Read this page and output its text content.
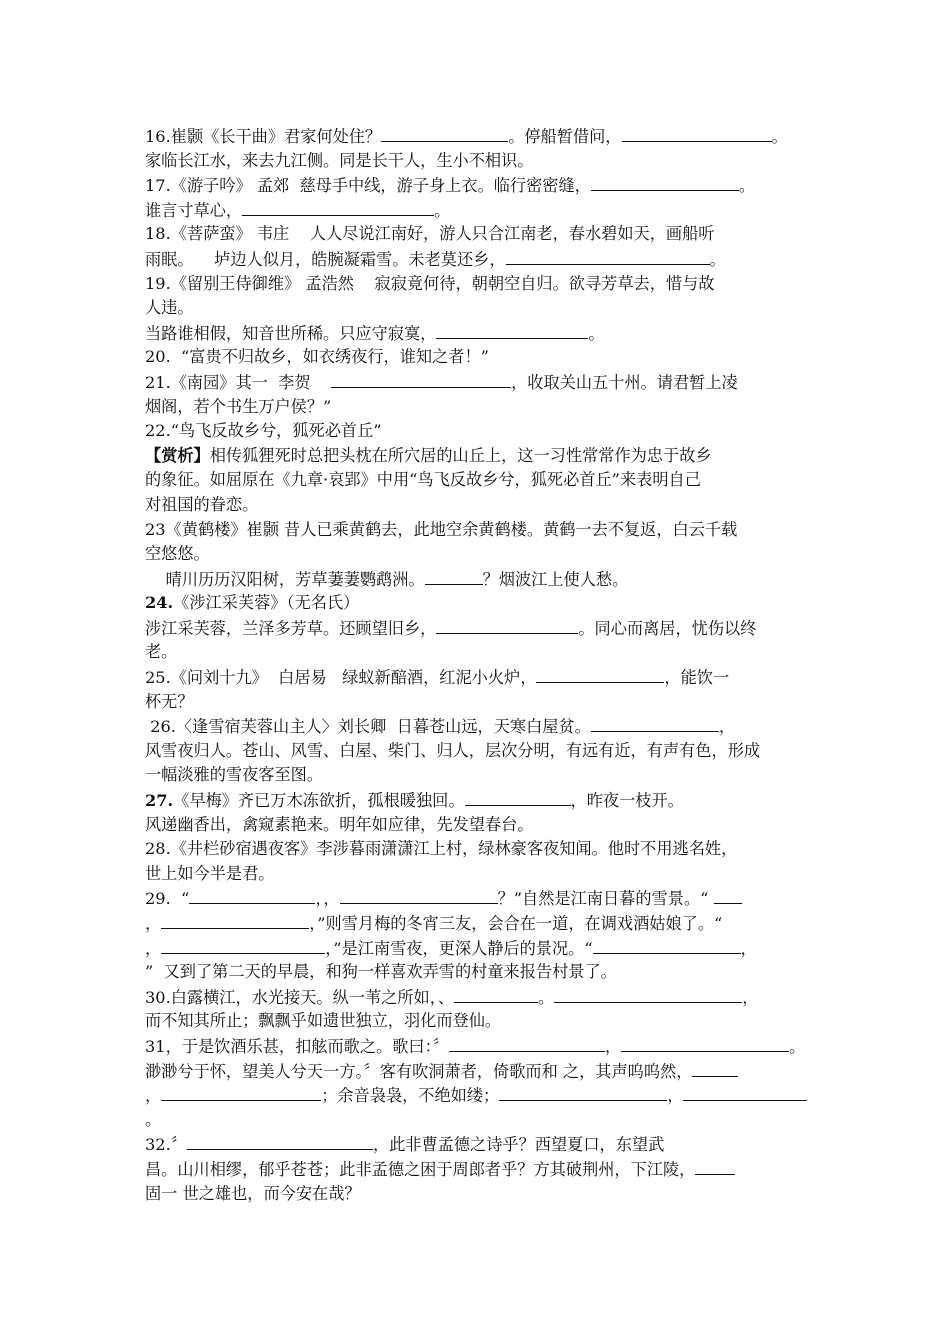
16.崔颢《长干曲》君家何处住？	。停船暂借问，	。
家临长江水，来去九江侧。同是长干人，生小不相识。
17.《游子吟》 孟郊  慈母手中线，游子身上衣。临行密密缝，	。
谁言寸草心，	。
18.《菩萨蛮》 韦庄    人人尽说江南好，游人只合江南老，春水碧如天，画船听
雨眠。    垆边人似月，皓腕凝霜雪。未老莫还乡，	。
19.《留别王侍御维》 孟浩然    寂寂竟何待，朝朝空自归。欲寻芳草去，惜与故
人违。
当路谁相假，知音世所稀。只应守寂寞，	。
20.  “富贵不归故乡，如衣绣夜行，谁知之者！”
21.《南园》其一  李贺	，收取关山五十州。请君暂上凌
烟阁，若个书生万户侯？”
22.“鸟飞反故乡兮，狐死必首丘”
【赏析】相传狐狸死时总把头枕在所穴居的山丘上，这一习性常常作为忠于故乡
的象征。如屈原在《九章·哀郢》中用“鸟飞反故乡兮，狐死必首丘”来表明自己
对祖国的眷恋。
23《黄鹤楼》崔颢 昔人已乘黄鹤去，此地空余黄鹤楼。黄鹤一去不复返，白云千载
空悠悠。
晴川历历汉阳树，芳草萋萋鹦鹉洲。	？烟波江上使人愁。
24.《涉江采芙蓉》（无名氏）
涉江采芙蓉，兰泽多芳草。还顾望旧乡，	。同心而离居，忧伤以终
老。
25.《问刘十九》  白居易   绿蚁新醅酒，红泥小火炉，	，能饮一
杯无？
26.〈逢雪宿芙蓉山主人〉刘长卿  日暮苍山远，天寒白屋贫。	，
风雪夜归人。苍山、风雪、白屋、柴门、归人，层次分明，有远有近，有声有色，形成
一幅淡雅的雪夜客至图。
27.《早梅》齐已万木冻欲折，孤根暖独回。	，昨夜一枝开。
风递幽香出，禽窥素艳来。明年如应律，先发望春台。
28.《井栏砂宿遇夜客》李涉暮雨潇潇江上村，绿林豪客夜知闻。他时不用逃名姓，
世上如今半是君。
29.  “	，，	？”自然是江南日暮的雪景。“
，	，”则雪月梅的冬宵三友，会合在一道，在调戏酒姑娘了。“
，	，”是江南雪夜，更深人静后的景况。“	，
”  又到了第二天的早晨，和狗一样喜欢弄雪的村童来报告村景了。
30.白露横江，水光接天。纵一苇之所如，、	。	，
而不知其所止；飘飘乎如遗世独立，羽化而登仙。
31，于是饮酒乐甚，扣舷而歌之。歌曰：〞	，	。
渺渺兮于怀，望美人兮天一方。〞客有吹洞萧者，倚歌而和 之，其声呜呜然，
，	；余音袅袅，不绝如缕；	，
。
32.〞	，此非曹孟德之诗乎？西望夏口，东望武
昌。山川相缪，郁乎苍苍；此非孟德之困于周郎者乎？方其破荆州，下江陵，
固一 世之雄也，而今安在哉？
